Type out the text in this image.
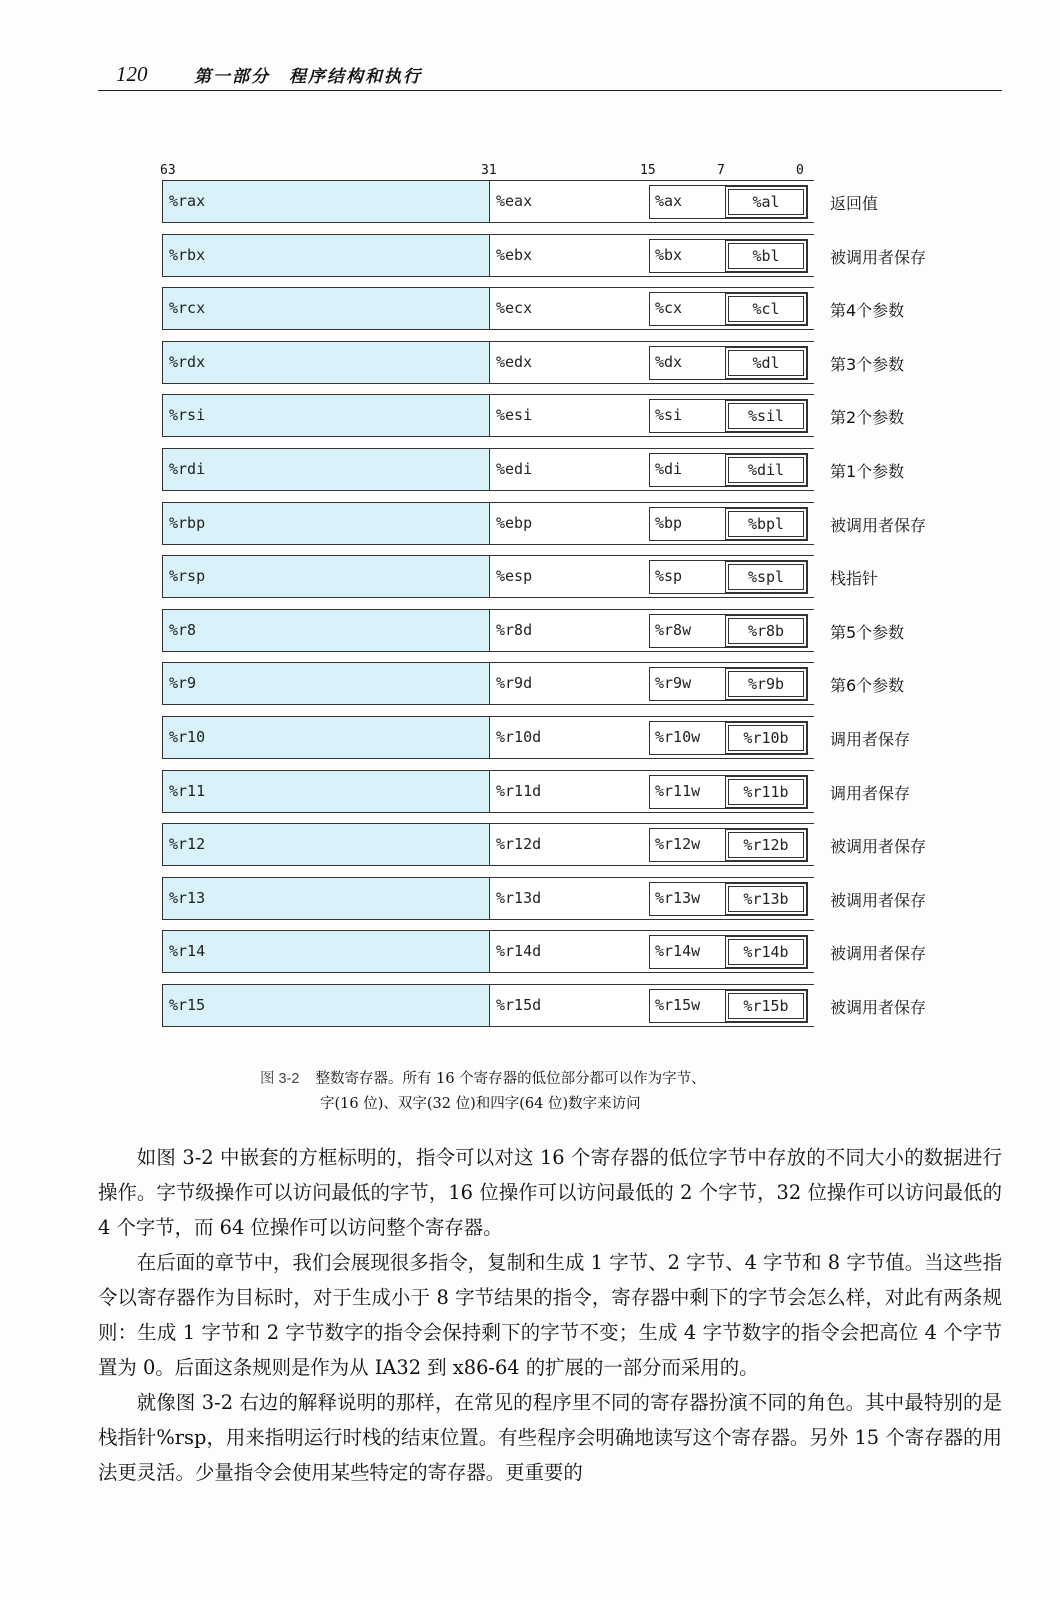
120	第一部分　程序结构和执行
63	31	15	7	0
%rax	%eax	%ax	%al	返回值
%rbx	%ebx	%bx	%bl	被调用者保存
%rcx	%ecx	%cx	%cl	第4个参数
%rdx	%edx	%dx	%dl	第3个参数
%rsi	%esi	%si	%sil	第2个参数
%rdi	%edi	%di	%dil	第1个参数
%rbp	%ebp	%bp	%bpl	被调用者保存
%rsp	%esp	%sp	%spl	栈指针
%r8	%r8d	%r8w	%r8b	第5个参数
%r9	%r9d	%r9w	%r9b	第6个参数
%r10	%r10d	%r10w	%r10b	调用者保存
%r11	%r11d	%r11w	%r11b	调用者保存
%r12	%r12d	%r12w	%r12b	被调用者保存
%r13	%r13d	%r13w	%r13b	被调用者保存
%r14	%r14d	%r14w	%r14b	被调用者保存
%r15	%r15d	%r15w	%r15b	被调用者保存
图 3-2 整数寄存器。所有 16 个寄存器的低位部分都可以作为字节、
字(16 位)、双字(32 位)和四字(64 位)数字来访问

如图 3-2 中嵌套的方框标明的，指令可以对这 16 个寄存器的低位字节中存放的不同大小的数据进行操作。字节级操作可以访问最低的字节，16 位操作可以访问最低的 2 个字节，32 位操作可以访问最低的 4 个字节，而 64 位操作可以访问整个寄存器。

在后面的章节中，我们会展现很多指令，复制和生成 1 字节、2 字节、4 字节和 8 字节值。当这些指令以寄存器作为目标时，对于生成小于 8 字节结果的指令，寄存器中剩下的字节会怎么样，对此有两条规则：生成 1 字节和 2 字节数字的指令会保持剩下的字节不变；生成 4 字节数字的指令会把高位 4 个字节置为 0。后面这条规则是作为从 IA32 到 x86-64 的扩展的一部分而采用的。

就像图 3-2 右边的解释说明的那样，在常见的程序里不同的寄存器扮演不同的角色。其中最特别的是栈指针%rsp，用来指明运行时栈的结束位置。有些程序会明确地读写这个寄存器。另外 15 个寄存器的用法更灵活。少量指令会使用某些特定的寄存器。更重要的
